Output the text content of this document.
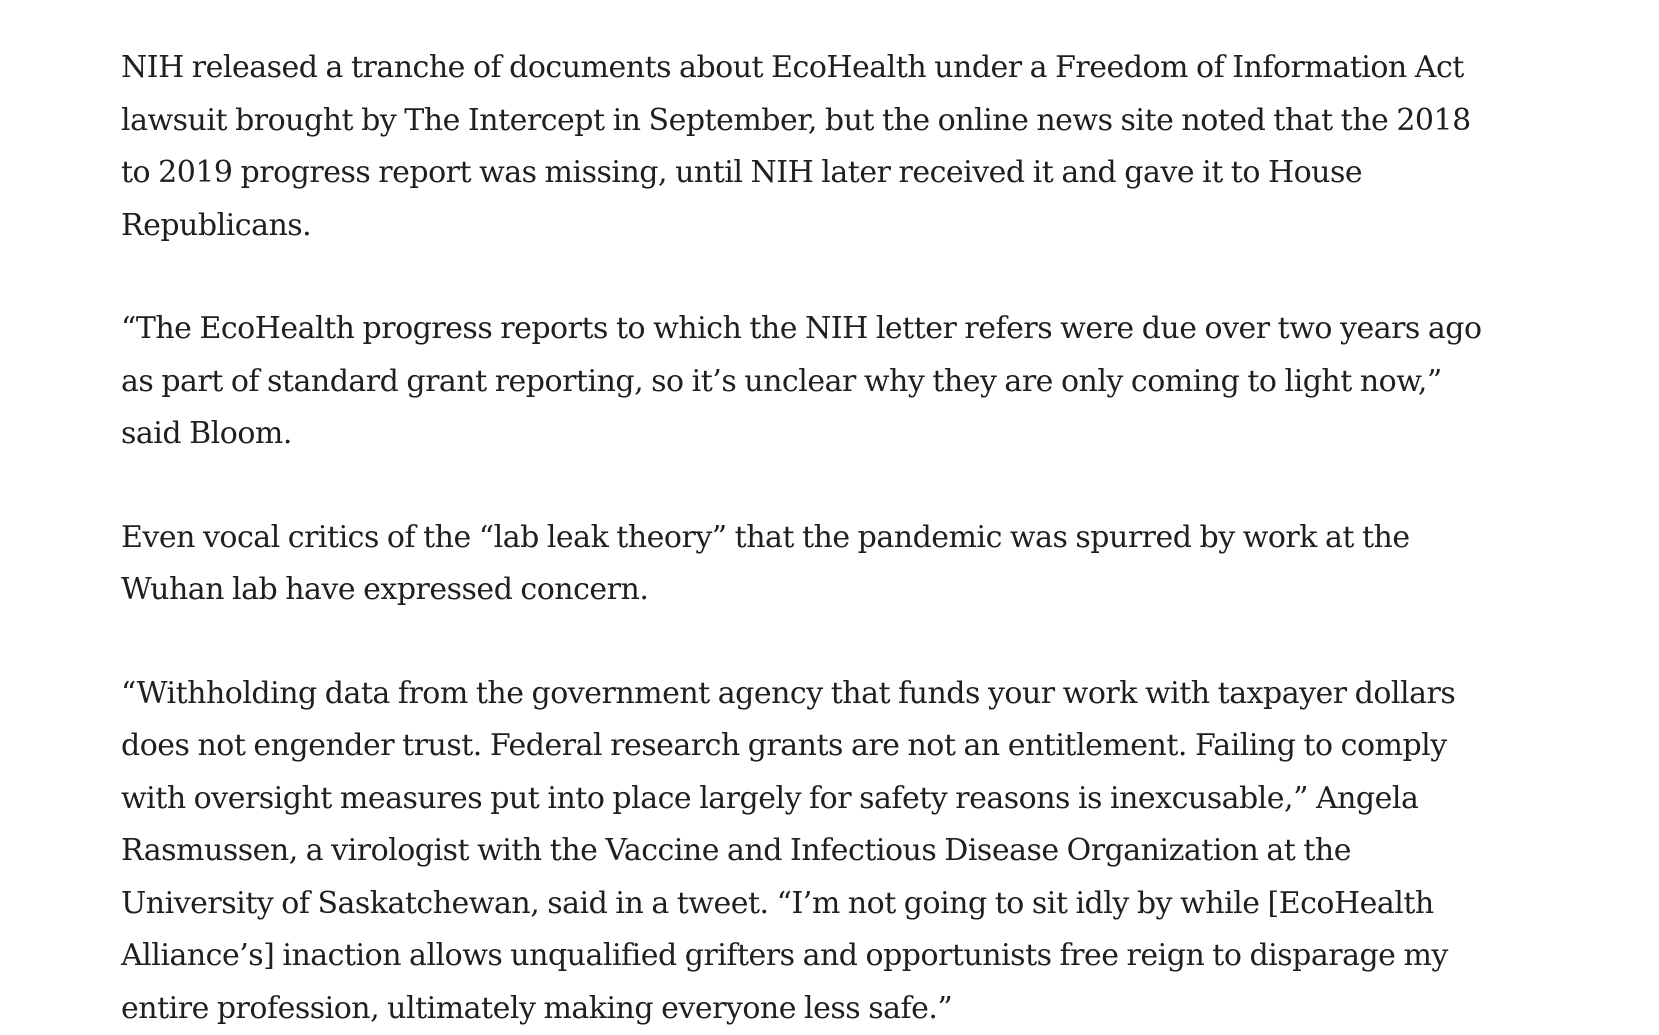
NIH released a tranche of documents about EcoHealth under a Freedom of Information Act lawsuit brought by The Intercept in September, but the online news site noted that the 2018 to 2019 progress report was missing, until NIH later received it and gave it to House Republicans.

“The EcoHealth progress reports to which the NIH letter refers were due over two years ago as part of standard grant reporting, so it’s unclear why they are only coming to light now,” said Bloom.

Even vocal critics of the “lab leak theory” that the pandemic was spurred by work at the Wuhan lab have expressed concern.

“Withholding data from the government agency that funds your work with taxpayer dollars does not engender trust. Federal research grants are not an entitlement. Failing to comply with oversight measures put into place largely for safety reasons is inexcusable,” Angela Rasmussen, a virologist with the Vaccine and Infectious Disease Organization at the University of Saskatchewan, said in a tweet. “I’m not going to sit idly by while [EcoHealth Alliance’s] inaction allows unqualified grifters and opportunists free reign to disparage my entire profession, ultimately making everyone less safe.”
